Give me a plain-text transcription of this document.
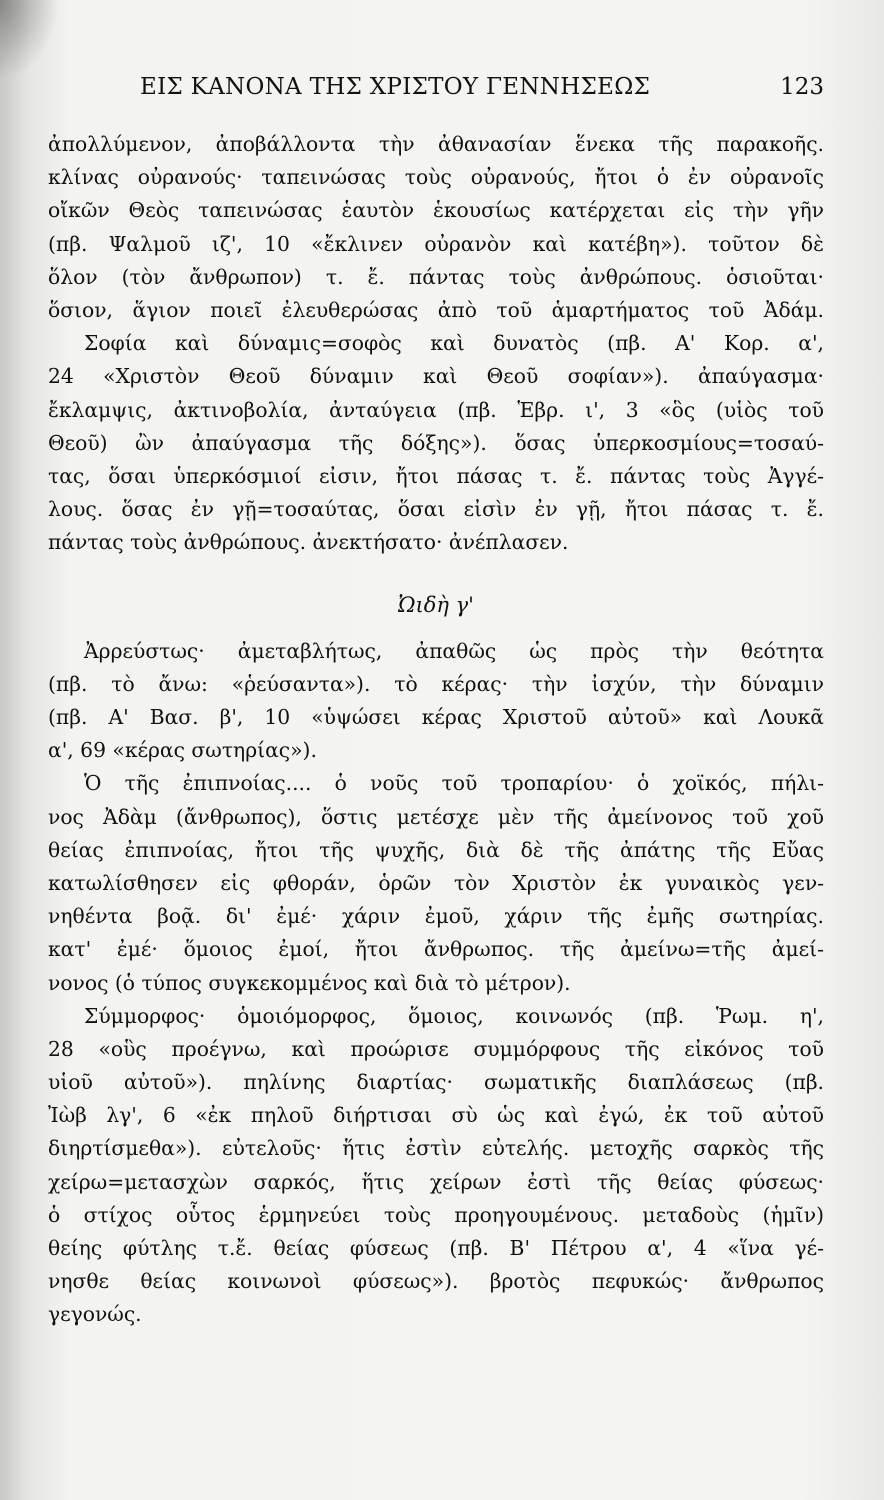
ΕΙΣ ΚΑΝΟΝΑ ΤΗΣ ΧΡΙΣΤΟΥ ΓΕΝΝΗΣΕΩΣ	123
ἀπολλύμενον, ἀποβάλλοντα τὴν ἀθανασίαν ἕνεκα τῆς παρακοῆς.
κλίνας οὐρανούς· ταπεινώσας τοὺς οὐρανούς, ἤτοι ὁ ἐν οὐρανοῖς
οἴκῶν Θεὸς ταπεινώσας ἑαυτὸν ἑκουσίως κατέρχεται εἰς τὴν γῆν
(πβ. Ψαλμοῦ ιζ', 10 «ἔκλινεν οὐρανὸν καὶ κατέβη»). τοῦτον δὲ
ὅλον (τὸν ἄνθρωπον) τ. ἔ. πάντας τοὺς ἀνθρώπους. ὁσιοῦται·
ὅσιον, ἅγιον ποιεῖ ἐλευθερώσας ἀπὸ τοῦ ἁμαρτήματος τοῦ Ἀδάμ.
Σοφία καὶ δύναμις=σοφὸς καὶ δυνατὸς (πβ. Α' Κορ. α',
24 «Χριστὸν Θεοῦ δύναμιν καὶ Θεοῦ σοφίαν»). ἀπαύγασμα·
ἔκλαμψις, ἀκτινοβολία, ἀνταύγεια (πβ. Ἑβρ. ι', 3 «ὃς (υἱὸς τοῦ
Θεοῦ) ὢν ἀπαύγασμα τῆς δόξης»). ὅσας ὑπερκοσμίους=τοσαύ-
τας, ὅσαι ὑπερκόσμιοί εἰσιν, ἤτοι πάσας τ. ἔ. πάντας τοὺς Ἀγγέ-
λους. ὅσας ἐν γῇ=τοσαύτας, ὅσαι εἰσὶν ἐν γῇ, ἤτοι πάσας τ. ἔ.
πάντας τοὺς ἀνθρώπους. ἀνεκτήσατο· ἀνέπλασεν.
Ὠιδὴ γ'
Ἀρρεύστως· ἀμεταβλήτως, ἀπαθῶς ὡς πρὸς τὴν θεότητα
(πβ. τὸ ἄνω: «ῥεύσαντα»). τὸ κέρας· τὴν ἰσχύν, τὴν δύναμιν
(πβ. Α' Βασ. β', 10 «ὑψώσει κέρας Χριστοῦ αὐτοῦ» καὶ Λουκᾶ
α', 69 «κέρας σωτηρίας»).
Ὁ τῆς ἐπιπνοίας.... ὁ νοῦς τοῦ τροπαρίου· ὁ χοϊκός, πήλι-
νος Ἀδὰμ (ἄνθρωπος), ὅστις μετέσχε μὲν τῆς ἀμείνονος τοῦ χοῦ
θείας ἐπιπνοίας, ἤτοι τῆς ψυχῆς, διὰ δὲ τῆς ἀπάτης τῆς Εὔας
κατωλίσθησεν εἰς φθοράν, ὁρῶν τὸν Χριστὸν ἐκ γυναικὸς γεν-
νηθέντα βοᾷ. δι' ἐμέ· χάριν ἐμοῦ, χάριν τῆς ἐμῆς σωτηρίας.
κατ' ἐμέ· ὅμοιος ἐμοί, ἤτοι ἄνθρωπος. τῆς ἀμείνω=τῆς ἀμεί-
νονος (ὁ τύπος συγκεκομμένος καὶ διὰ τὸ μέτρον).
Σύμμορφος· ὁμοιόμορφος, ὅμοιος, κοινωνός (πβ. Ῥωμ. η',
28 «οὓς προέγνω, καὶ προώρισε συμμόρφους τῆς εἰκόνος τοῦ
υἱοῦ αὐτοῦ»). πηλίνης διαρτίας· σωματικῆς διαπλάσεως (πβ.
Ἰὼβ λγ', 6 «ἐκ πηλοῦ διήρτισαι σὺ ὡς καὶ ἐγώ, ἐκ τοῦ αὐτοῦ
διηρτίσμεθα»). εὐτελοῦς· ἥτις ἐστὶν εὐτελής. μετοχῆς σαρκὸς τῆς
χείρω=μετασχὼν σαρκός, ἥτις χείρων ἐστὶ τῆς θείας φύσεως·
ὁ στίχος οὗτος ἑρμηνεύει τοὺς προηγουμένους. μεταδοὺς (ἡμῖν)
θείης φύτλης τ.ἔ. θείας φύσεως (πβ. Β' Πέτρου α', 4 «ἵνα γέ-
νησθε θείας κοινωνοὶ φύσεως»). βροτὸς πεφυκώς· ἄνθρωπος
γεγονώς.
